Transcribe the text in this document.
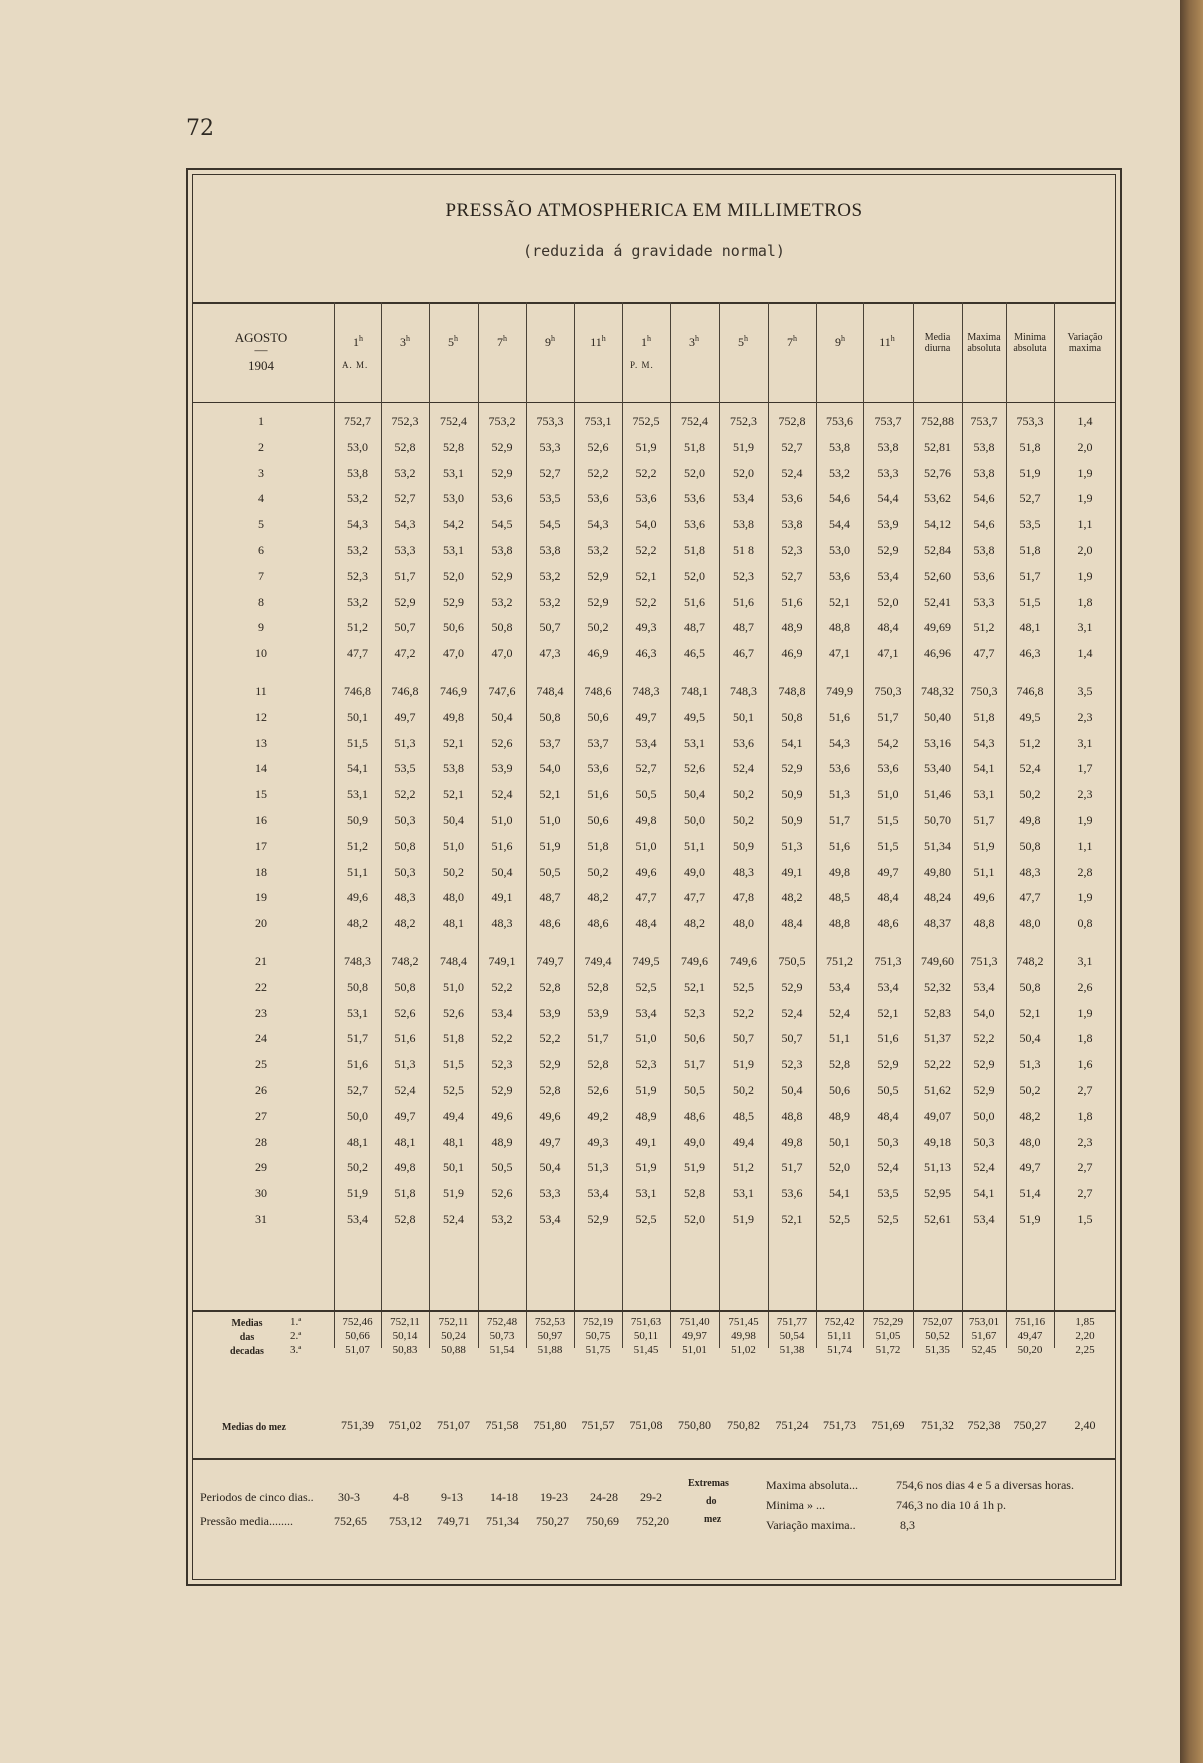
72
PRESSÃO ATMOSPHERICA EM MILLIMETROS
(reduzida á gravidade normal)
AGOSTO
—
1904
1$^h$	3$^h$	5$^h$	7$^h$	9$^h$	11$^h$	1$^h$	3$^h$	5$^h$	7$^h$	9$^h$	11$^h$
A. M.	P. M.
Media diurna
Maxima absoluta
Minima absoluta
Variação maxima
1	752,7	752,3	752,4	753,2	753,3	753,1	752,5	752,4	752,3	752,8	753,6	753,7	752,88	753,7	753,3	1,4
2	53,0	52,8	52,8	52,9	53,3	52,6	51,9	51,8	51,9	52,7	53,8	53,8	52,81	53,8	51,8	2,0
3	53,8	53,2	53,1	52,9	52,7	52,2	52,2	52,0	52,0	52,4	53,2	53,3	52,76	53,8	51,9	1,9
4	53,2	52,7	53,0	53,6	53,5	53,6	53,6	53,6	53,4	53,6	54,6	54,4	53,62	54,6	52,7	1,9
5	54,3	54,3	54,2	54,5	54,5	54,3	54,0	53,6	53,8	53,8	54,4	53,9	54,12	54,6	53,5	1,1
6	53,2	53,3	53,1	53,8	53,8	53,2	52,2	51,8	51 8	52,3	53,0	52,9	52,84	53,8	51,8	2,0
7	52,3	51,7	52,0	52,9	53,2	52,9	52,1	52,0	52,3	52,7	53,6	53,4	52,60	53,6	51,7	1,9
8	53,2	52,9	52,9	53,2	53,2	52,9	52,2	51,6	51,6	51,6	52,1	52,0	52,41	53,3	51,5	1,8
9	51,2	50,7	50,6	50,8	50,7	50,2	49,3	48,7	48,7	48,9	48,8	48,4	49,69	51,2	48,1	3,1
10	47,7	47,2	47,0	47,0	47,3	46,9	46,3	46,5	46,7	46,9	47,1	47,1	46,96	47,7	46,3	1,4
11	746,8	746,8	746,9	747,6	748,4	748,6	748,3	748,1	748,3	748,8	749,9	750,3	748,32	750,3	746,8	3,5
12	50,1	49,7	49,8	50,4	50,8	50,6	49,7	49,5	50,1	50,8	51,6	51,7	50,40	51,8	49,5	2,3
13	51,5	51,3	52,1	52,6	53,7	53,7	53,4	53,1	53,6	54,1	54,3	54,2	53,16	54,3	51,2	3,1
14	54,1	53,5	53,8	53,9	54,0	53,6	52,7	52,6	52,4	52,9	53,6	53,6	53,40	54,1	52,4	1,7
15	53,1	52,2	52,1	52,4	52,1	51,6	50,5	50,4	50,2	50,9	51,3	51,0	51,46	53,1	50,2	2,3
16	50,9	50,3	50,4	51,0	51,0	50,6	49,8	50,0	50,2	50,9	51,7	51,5	50,70	51,7	49,8	1,9
17	51,2	50,8	51,0	51,6	51,9	51,8	51,0	51,1	50,9	51,3	51,6	51,5	51,34	51,9	50,8	1,1
18	51,1	50,3	50,2	50,4	50,5	50,2	49,6	49,0	48,3	49,1	49,8	49,7	49,80	51,1	48,3	2,8
19	49,6	48,3	48,0	49,1	48,7	48,2	47,7	47,7	47,8	48,2	48,5	48,4	48,24	49,6	47,7	1,9
20	48,2	48,2	48,1	48,3	48,6	48,6	48,4	48,2	48,0	48,4	48,8	48,6	48,37	48,8	48,0	0,8
21	748,3	748,2	748,4	749,1	749,7	749,4	749,5	749,6	749,6	750,5	751,2	751,3	749,60	751,3	748,2	3,1
22	50,8	50,8	51,0	52,2	52,8	52,8	52,5	52,1	52,5	52,9	53,4	53,4	52,32	53,4	50,8	2,6
23	53,1	52,6	52,6	53,4	53,9	53,9	53,4	52,3	52,2	52,4	52,4	52,1	52,83	54,0	52,1	1,9
24	51,7	51,6	51,8	52,2	52,2	51,7	51,0	50,6	50,7	50,7	51,1	51,6	51,37	52,2	50,4	1,8
25	51,6	51,3	51,5	52,3	52,9	52,8	52,3	51,7	51,9	52,3	52,8	52,9	52,22	52,9	51,3	1,6
26	52,7	52,4	52,5	52,9	52,8	52,6	51,9	50,5	50,2	50,4	50,6	50,5	51,62	52,9	50,2	2,7
27	50,0	49,7	49,4	49,6	49,6	49,2	48,9	48,6	48,5	48,8	48,9	48,4	49,07	50,0	48,2	1,8
28	48,1	48,1	48,1	48,9	49,7	49,3	49,1	49,0	49,4	49,8	50,1	50,3	49,18	50,3	48,0	2,3
29	50,2	49,8	50,1	50,5	50,4	51,3	51,9	51,9	51,2	51,7	52,0	52,4	51,13	52,4	49,7	2,7
30	51,9	51,8	51,9	52,6	53,3	53,4	53,1	52,8	53,1	53,6	54,1	53,5	52,95	54,1	51,4	2,7
31	53,4	52,8	52,4	53,2	53,4	52,9	52,5	52,0	51,9	52,1	52,5	52,5	52,61	53,4	51,9	1,5
Medias
das
decadas
1.ª
2.ª
3.ª
752,46	752,11	752,11	752,48	752,53	752,19	751,63	751,40	751,45	751,77	752,42	752,29	752,07	753,01	751,16	1,85
50,66	50,14	50,24	50,73	50,97	50,75	50,11	49,97	49,98	50,54	51,11	51,05	50,52	51,67	49,47	2,20
51,07	50,83	50,88	51,54	51,88	51,75	51,45	51,01	51,02	51,38	51,74	51,72	51,35	52,45	50,20	2,25
Medias do mez	751,39	751,02	751,07	751,58	751,80	751,57	751,08	750,80	750,82	751,24	751,73	751,69	751,32	752,38	750,27	2,40
Periodos de cinco dias.. 30-3	4-8	9-13 14-18 19-23 24-28 29-2
Pressão media........	752,65 753,12 749,71 751,34 750,27 750,69 752,20
Extremas
do
mez
Maxima absoluta...	754,6 nos dias 4 e 5 a diversas horas.
Minima » ...	746,3 no dia 10 á 1h p.
Variação maxima..	8,3
